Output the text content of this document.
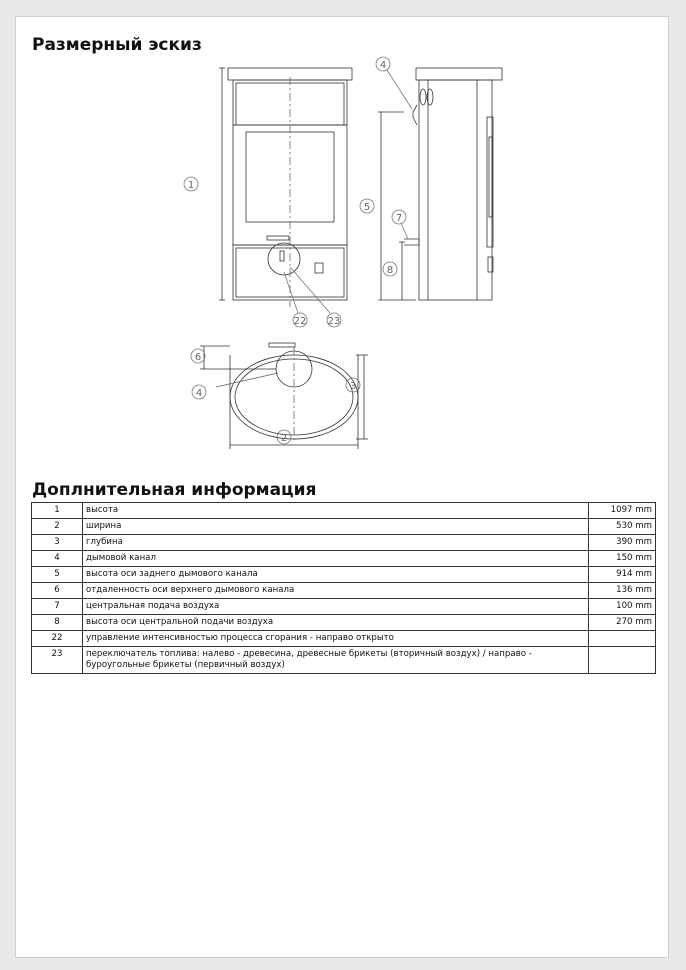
Размерный эскиз
1
4
5
7
8
22 23
6
4
3
2
Доплнительная информация
1	высота	1097 mm
2	ширина	530 mm
3	глубина	390 mm
4	дымовой канал	150 mm
5	высота оси заднего дымового канала	914 mm
6	отдаленность оси верхнего дымового канала	136 mm
7	центральная подача воздуха	100 mm
8	высота оси центральной подачи воздуха	270 mm
22	управление интенсивностью процесса сгорания - направо открыто	
23	переключатель топлива: налево - древесина, древесные брикеты (вторичный воздух) / направо - буроугольные брикеты (первичный воздух)	
